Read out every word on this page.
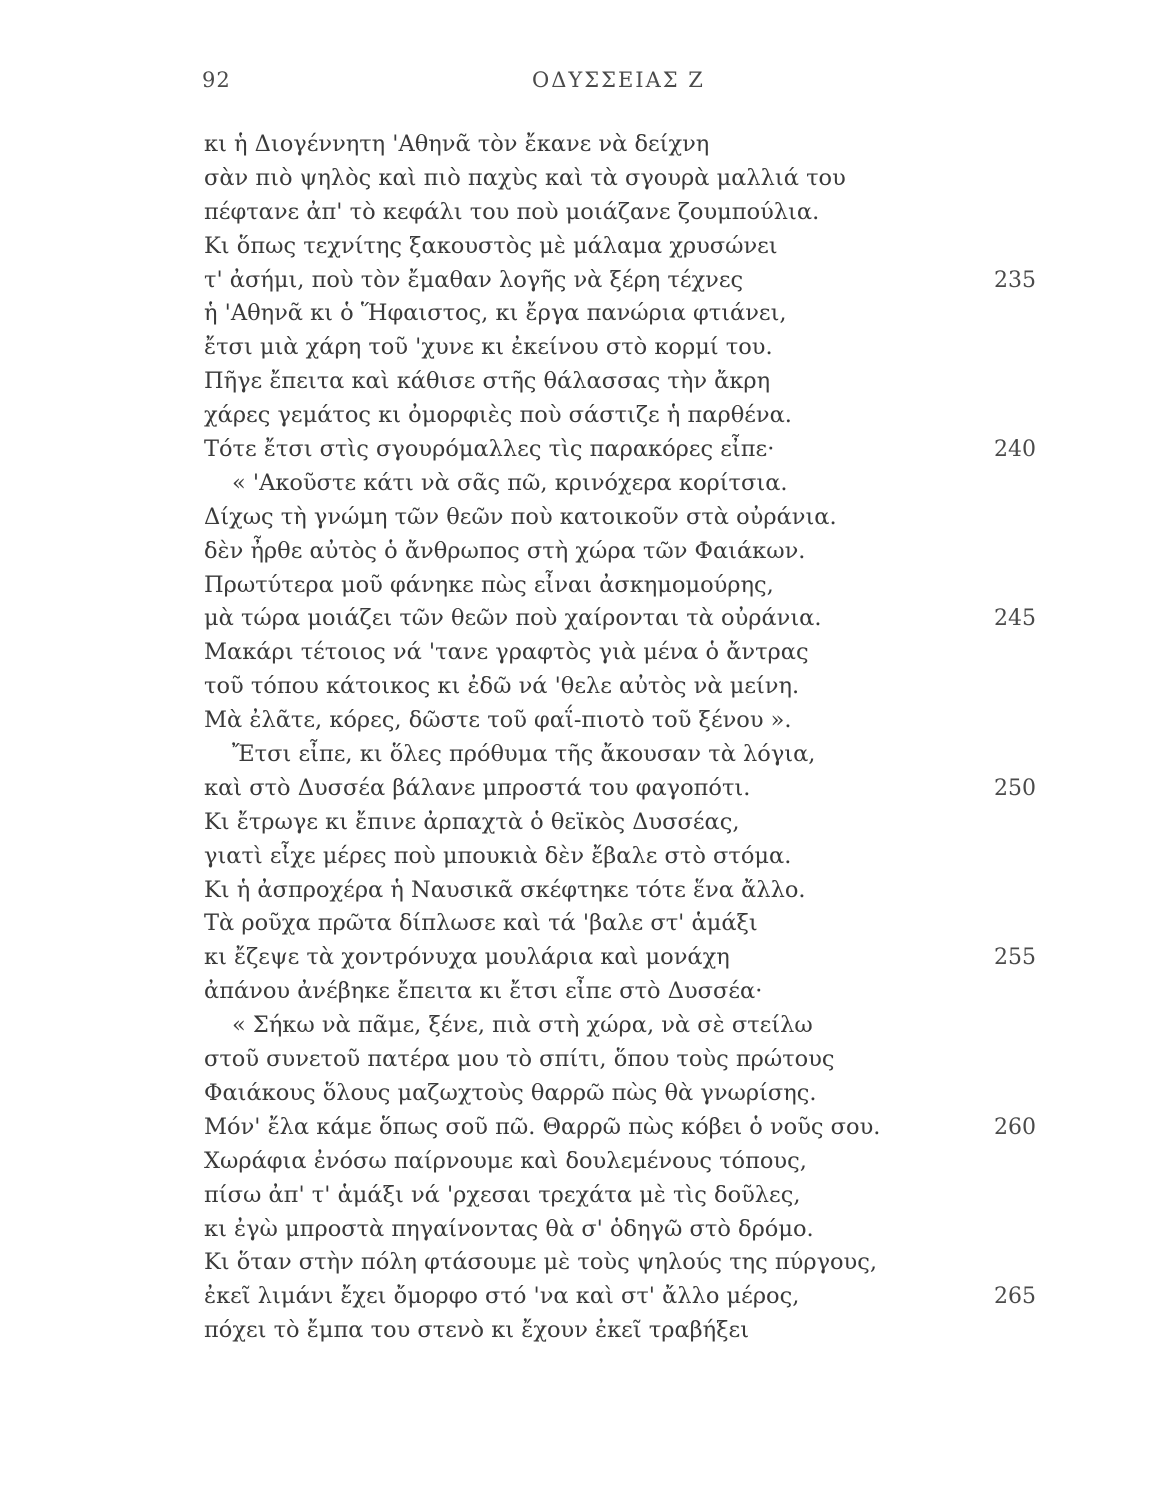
92	ΟΔΥΣΣΕΙΑΣ Ζ
κι ἡ Διογέννητη 'Αθηνᾶ τὸν ἔκανε νὰ δείχνη
σὰν πιὸ ψηλὸς καὶ πιὸ παχὺς καὶ τὰ σγουρὰ μαλλιά του
πέφτανε ἀπ' τὸ κεφάλι του ποὺ μοιάζανε ζουμπούλια.
Κι ὅπως τεχνίτης ξακουστὸς μὲ μάλαμα χρυσώνει
τ' ἀσήμι, ποὺ τὸν ἔμαθαν λογῆς νὰ ξέρη τέχνες	235
ἡ 'Αθηνᾶ κι ὁ Ἥφαιστος, κι ἔργα πανώρια φτιάνει,
ἔτσι μιὰ χάρη τοῦ 'χυνε κι ἐκείνου στὸ κορμί του.
Πῆγε ἔπειτα καὶ κάθισε στῆς θάλασσας τὴν ἄκρη
χάρες γεμάτος κι ὀμορφιὲς ποὺ σάστιζε ἡ παρθένα.
Τότε ἔτσι στὶς σγουρόμαλλες τὶς παρακόρες εἶπε·	240
« 'Ακοῦστε κάτι νὰ σᾶς πῶ, κρινόχερα κορίτσια.
Δίχως τὴ γνώμη τῶν θεῶν ποὺ κατοικοῦν στὰ οὐράνια.
δὲν ἦρθε αὐτὸς ὁ ἄνθρωπος στὴ χώρα τῶν Φαιάκων.
Πρωτύτερα μοῦ φάνηκε πὼς εἶναι ἀσκημομούρης,
μὰ τώρα μοιάζει τῶν θεῶν ποὺ χαίρονται τὰ οὐράνια.	245
Μακάρι τέτοιος νά 'τανε γραφτὸς γιὰ μένα ὁ ἄντρας
τοῦ τόπου κάτοικος κι ἐδῶ νά 'θελε αὐτὸς νὰ μείνη.
Μὰ ἐλᾶτε, κόρες, δῶστε τοῦ φαΐ-πιοτὸ τοῦ ξένου ».
Ἔτσι εἶπε, κι ὅλες πρόθυμα τῆς ἄκουσαν τὰ λόγια,
καὶ στὸ Δυσσέα βάλανε μπροστά του φαγοπότι.	250
Κι ἔτρωγε κι ἔπινε ἀρπαχτὰ ὁ θεϊκὸς Δυσσέας,
γιατὶ εἶχε μέρες ποὺ μπουκιὰ δὲν ἔβαλε στὸ στόμα.
Κι ἡ ἀσπροχέρα ἡ Ναυσικᾶ σκέφτηκε τότε ἕνα ἄλλο.
Τὰ ροῦχα πρῶτα δίπλωσε καὶ τά 'βαλε στ' ἁμάξι
κι ἔζεψε τὰ χοντρόνυχα μουλάρια καὶ μονάχη	255
ἀπάνου ἀνέβηκε ἔπειτα κι ἔτσι εἶπε στὸ Δυσσέα·
« Σήκω νὰ πᾶμε, ξένε, πιὰ στὴ χώρα, νὰ σὲ στείλω
στοῦ συνετοῦ πατέρα μου τὸ σπίτι, ὅπου τοὺς πρώτους
Φαιάκους ὅλους μαζωχτοὺς θαρρῶ πὼς θὰ γνωρίσης.
Μόν' ἔλα κάμε ὅπως σοῦ πῶ. Θαρρῶ πὼς κόβει ὁ νοῦς σου.	260
Χωράφια ἐνόσω παίρνουμε καὶ δουλεμένους τόπους,
πίσω ἀπ' τ' ἁμάξι νά 'ρχεσαι τρεχάτα μὲ τὶς δοῦλες,
κι ἐγὼ μπροστὰ πηγαίνοντας θὰ σ' ὁδηγῶ στὸ δρόμο.
Κι ὅταν στὴν πόλη φτάσουμε μὲ τοὺς ψηλούς της πύργους,
ἐκεῖ λιμάνι ἔχει ὄμορφο στό 'να καὶ στ' ἄλλο μέρος,	265
πόχει τὸ ἔμπα του στενὸ κι ἔχουν ἐκεῖ τραβήξει
